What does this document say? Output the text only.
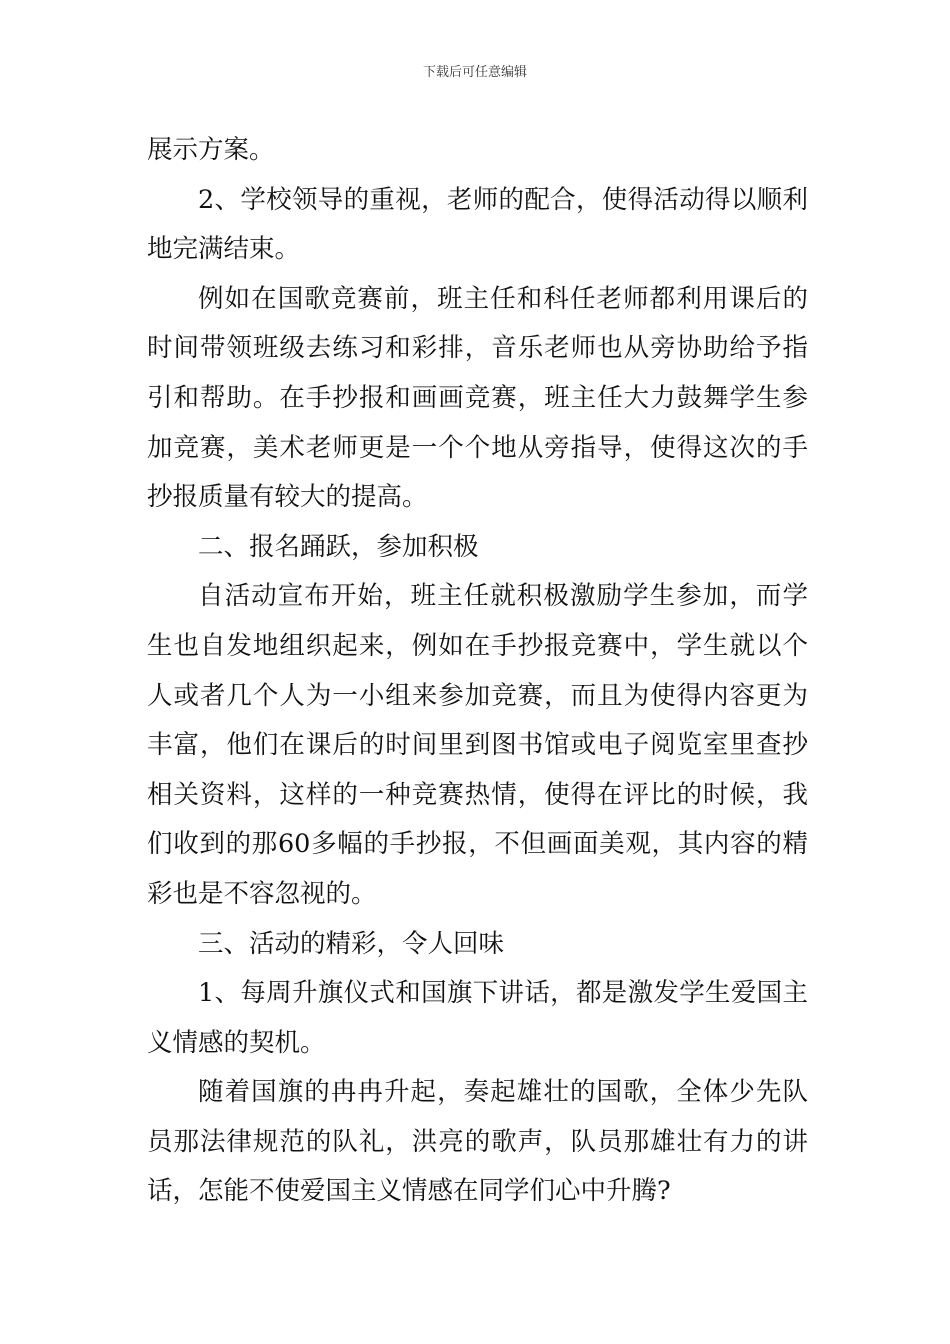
下载后可任意编辑

展示方案。

2、学校领导的重视，老师的配合，使得活动得以顺利地完满结束。

例如在国歌竞赛前，班主任和科任老师都利用课后的时间带领班级去练习和彩排，音乐老师也从旁协助给予指引和帮助。在手抄报和画画竞赛，班主任大力鼓舞学生参加竞赛，美术老师更是一个个地从旁指导，使得这次的手抄报质量有较大的提高。

二、报名踊跃，参加积极

自活动宣布开始，班主任就积极激励学生参加，而学生也自发地组织起来，例如在手抄报竞赛中，学生就以个人或者几个人为一小组来参加竞赛，而且为使得内容更为丰富，他们在课后的时间里到图书馆或电子阅览室里查抄相关资料，这样的一种竞赛热情，使得在评比的时候，我们收到的那60多幅的手抄报，不但画面美观，其内容的精彩也是不容忽视的。

三、活动的精彩，令人回味

1、每周升旗仪式和国旗下讲话，都是激发学生爱国主义情感的契机。

随着国旗的冉冉升起，奏起雄壮的国歌，全体少先队员那法律规范的队礼，洪亮的歌声，队员那雄壮有力的讲话，怎能不使爱国主义情感在同学们心中升腾?
